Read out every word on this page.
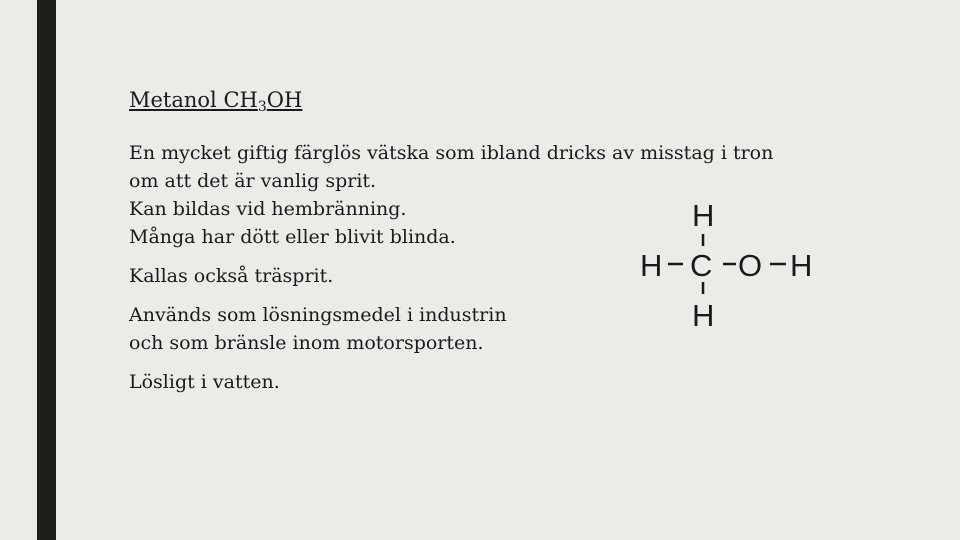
Metanol $CH_3OH$
En mycket giftig färglös vätska som ibland dricks av misstag i tron
om att det är vanlig sprit.
Kan bildas vid hembränning.
Många har dött eller blivit blinda.
Kallas också träsprit.
Används som lösningsmedel i industrin
och som bränsle inom motorsporten.
Lösligt i vatten.
H
H C O H
H
